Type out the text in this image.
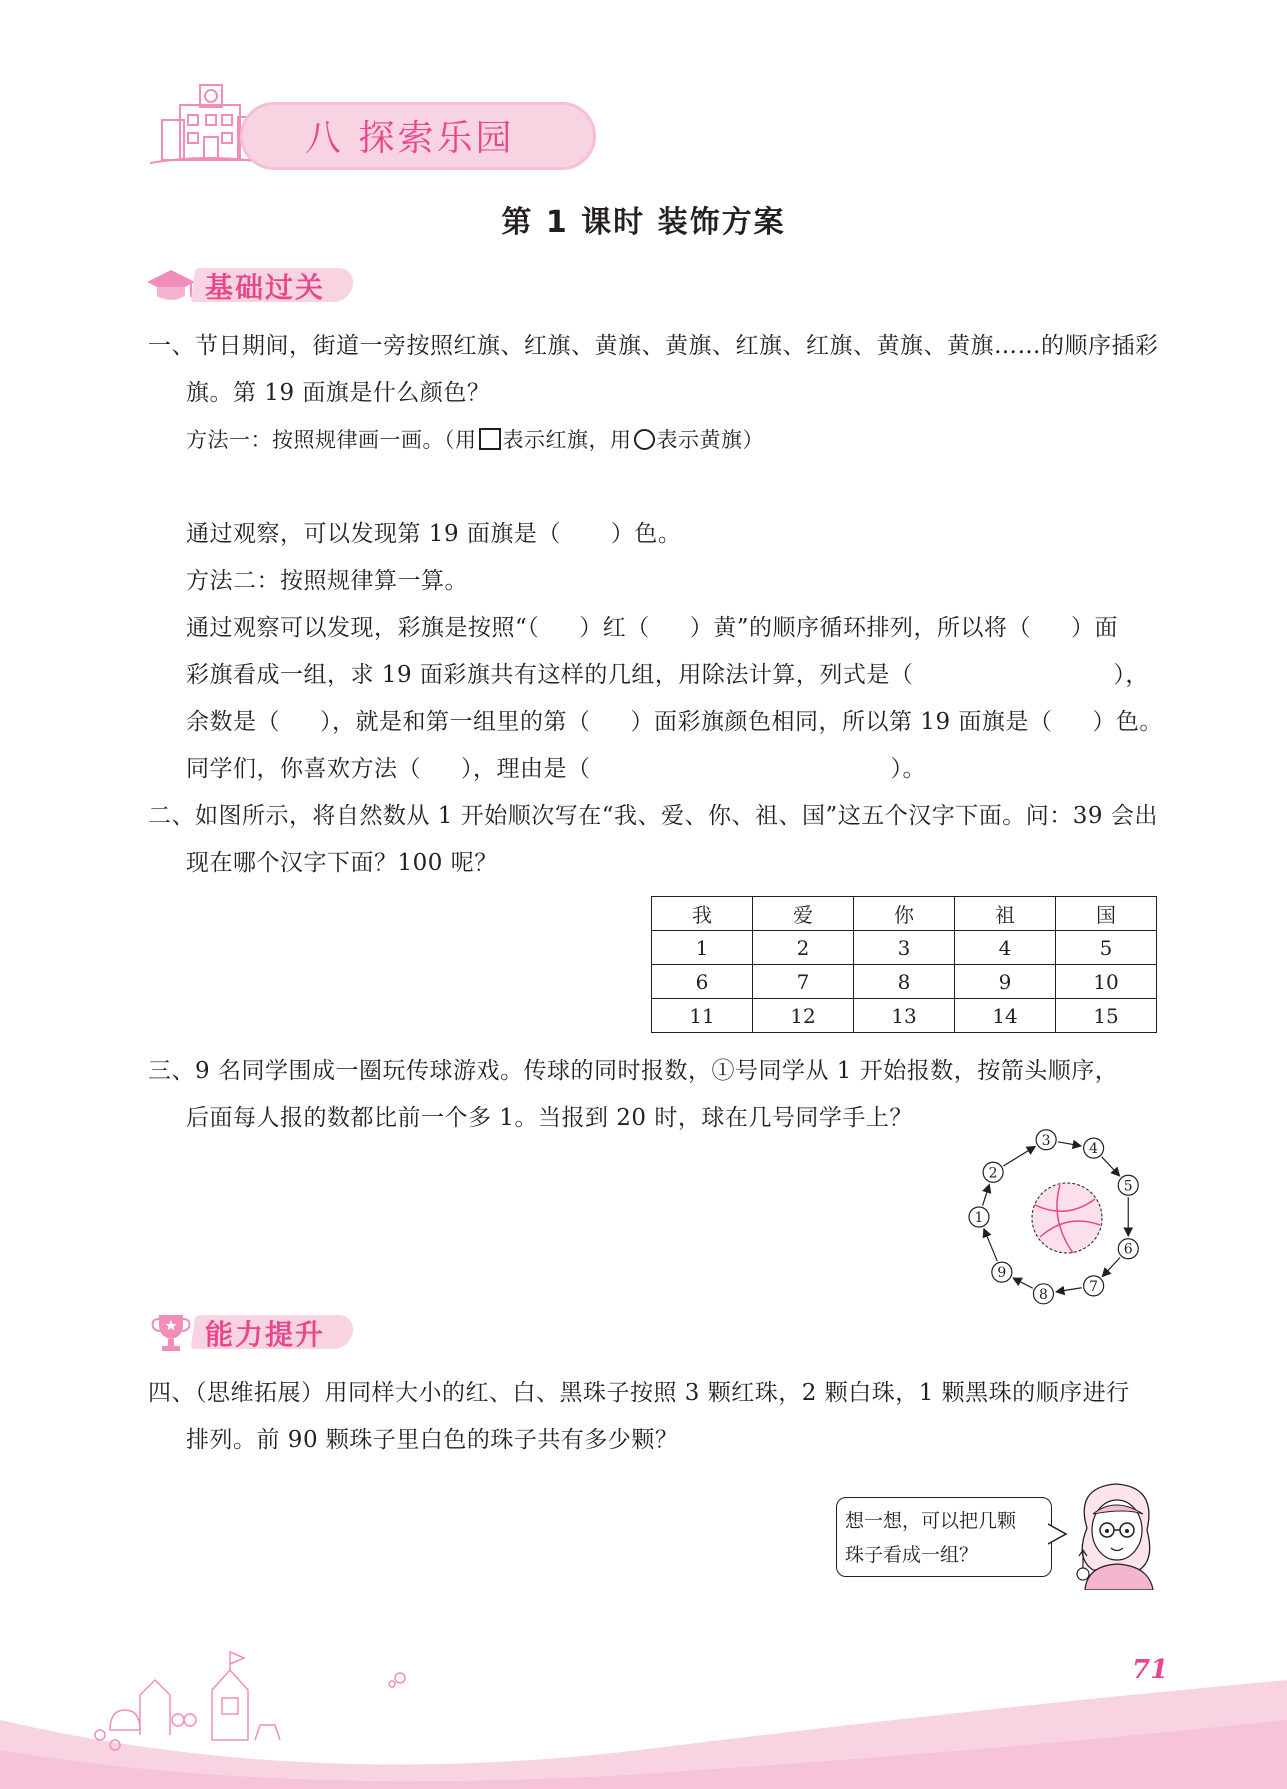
八 探索乐园
第 1 课时 装饰方案
基础过关
一、节日期间，街道一旁按照红旗、红旗、黄旗、黄旗、红旗、红旗、黄旗、黄旗……的顺序插彩
旗。第 19 面旗是什么颜色？
方法一：按照规律画一画。（用 表示红旗，用 表示黄旗）
通过观察，可以发现第 19 面旗是（ ）色。
方法二：按照规律算一算。
通过观察可以发现，彩旗是按照“（ ）红（ ）黄”的顺序循环排列，所以将（ ）面
彩旗看成一组，求 19 面彩旗共有这样的几组，用除法计算，列式是（	），
余数是（ ），就是和第一组里的第（ ）面彩旗颜色相同，所以第 19 面旗是（ ）色。
同学们，你喜欢方法（ ），理由是（	）。
二、如图所示，将自然数从 1 开始顺次写在“我、爱、你、祖、国”这五个汉字下面。问：39 会出
现在哪个汉字下面？100 呢？
我	爱	你	祖	国
1	2	3	4	5
6	7	8	9	10
11	12	13	14	15
三、9 名同学围成一圈玩传球游戏。传球的同时报数，①号同学从 1 开始报数，按箭头顺序，
后面每人报的数都比前一个多 1。当报到 20 时，球在几号同学手上？
1
2
3
4
5
6
7
8
9
能力提升
四、（思维拓展）用同样大小的红、白、黑珠子按照 3 颗红珠，2 颗白珠，1 颗黑珠的顺序进行
排列。前 90 颗珠子里白色的珠子共有多少颗？
想一想，可以把几颗
珠子看成一组？
71
